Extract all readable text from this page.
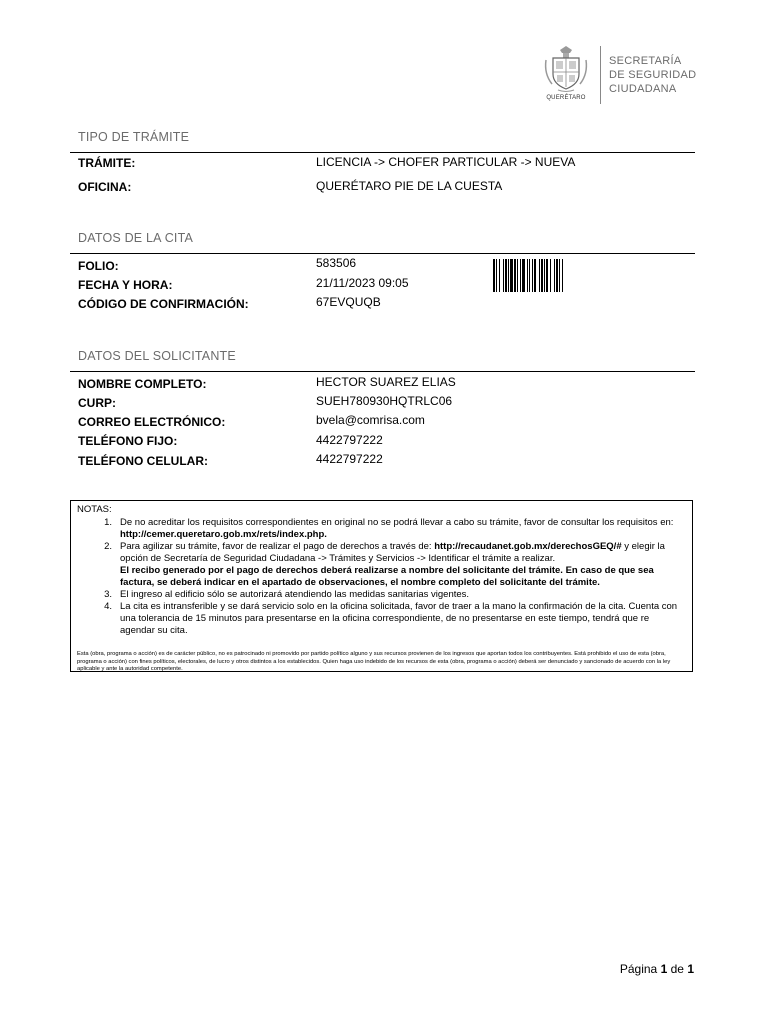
QUERÉTARO
SECRETARÍA
DE SEGURIDAD
CIUDADANA
TIPO DE TRÁMITE
TRÁMITE:	LICENCIA -> CHOFER PARTICULAR -> NUEVA
OFICINA:	QUERÉTARO PIE DE LA CUESTA
DATOS DE LA CITA
FOLIO:	583506
FECHA Y HORA:	21/11/2023 09:05
CÓDIGO DE CONFIRMACIÓN:	67EVQUQB
DATOS DEL SOLICITANTE
NOMBRE COMPLETO:	HECTOR SUAREZ ELIAS
CURP:	SUEH780930HQTRLC06
CORREO ELECTRÓNICO:	bvela@comrisa.com
TELÉFONO FIJO:	4422797222
TELÉFONO CELULAR:	4422797222
NOTAS:
1. De no acreditar los requisitos correspondientes en original no se podrá llevar a cabo su trámite, favor de consultar los requisitos en: http://cemer.queretaro.gob.mx/rets/index.php.
2. Para agilizar su trámite, favor de realizar el pago de derechos a través de: http://recaudanet.gob.mx/derechosGEQ/# y elegir la opción de Secretaría de Seguridad Ciudadana -> Trámites y Servicios -> Identificar el trámite a realizar.
El recibo generado por el pago de derechos deberá realizarse a nombre del solicitante del trámite. En caso de que sea factura, se deberá indicar en el apartado de observaciones, el nombre completo del solicitante del trámite.
3. El ingreso al edificio sólo se autorizará atendiendo las medidas sanitarias vigentes.
4. La cita es intransferible y se dará servicio solo en la oficina solicitada, favor de traer a la mano la confirmación de la cita. Cuenta con una tolerancia de 15 minutos para presentarse en la oficina correspondiente, de no presentarse en este tiempo, tendrá que re agendar su cita.
Esta (obra, programa o acción) es de carácter público, no es patrocinado ni promovido por partido político alguno y sus recursos provienen de los ingresos que aportan todos los contribuyentes. Está prohibido el uso de esta (obra, programa o acción) con fines políticos, electorales, de lucro y otros distintos a los establecidos. Quien haga uso indebido de los recursos de esta (obra, programa o acción) deberá ser denunciado y sancionado de acuerdo con la ley aplicable y ante la autoridad competente.
Página 1 de 1
